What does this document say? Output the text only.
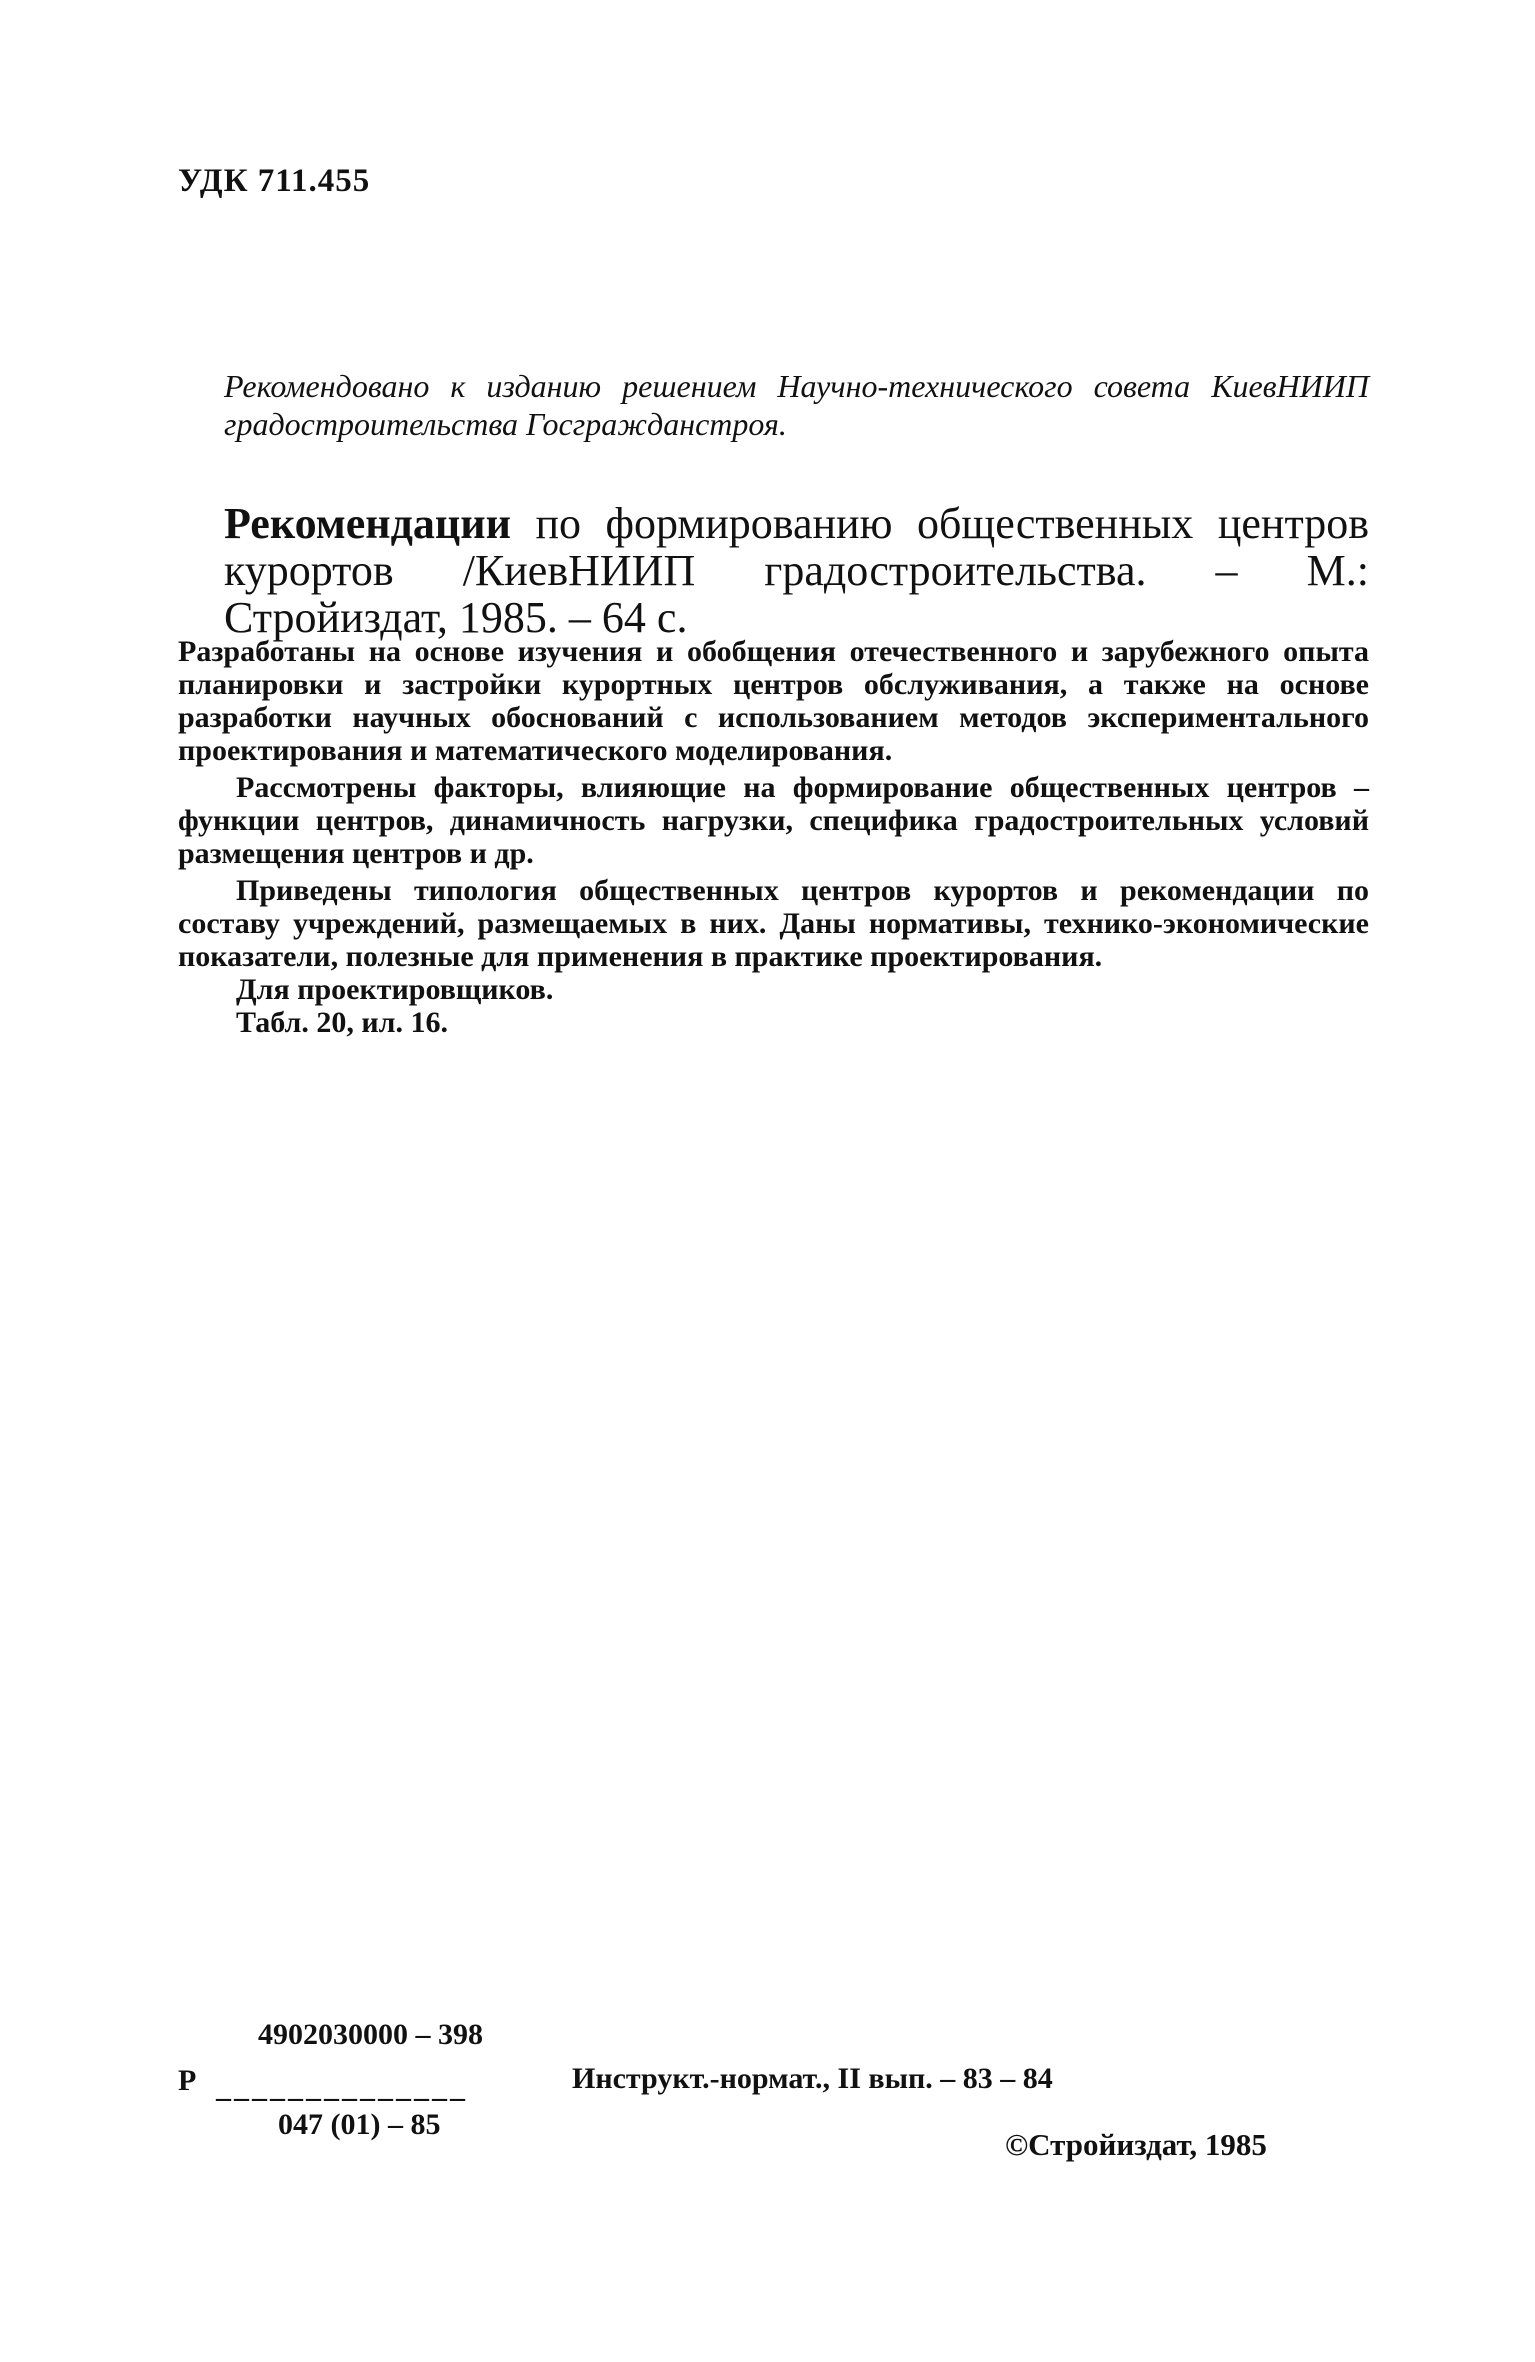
УДК 711.455
Рекомендовано к изданию решением Научно-технического совета КиевНИИП градостроительства Госгражданстроя.
Рекомендации по формированию общественных центров курортов /КиевНИИП градостроительства. – М.: Стройиздат, 1985. – 64 с.

Разработаны на основе изучения и обобщения отечественного и зарубежного опыта планировки и застройки курортных центров обслуживания, а также на основе разработки научных обоснований с использованием методов экспериментального проектирования и математического моделирования.

Рассмотрены факторы, влияющие на формирование общественных центров – функции центров, динамичность нагрузки, специфика градостроительных условий размещения центров и др.

Приведены типология общественных центров курортов и рекомендации по составу учреждений, размещаемых в них. Даны нормативы, технико-экономические показатели, полезные для применения в практике проектирования.

Для проектировщиков.

Табл. 20, ил. 16.

Р
4902030000 – 398
––––––––––––––
047 (01) – 85
Инструкт.-нормат., II вып. – 83 – 84
©Стройиздат, 1985
